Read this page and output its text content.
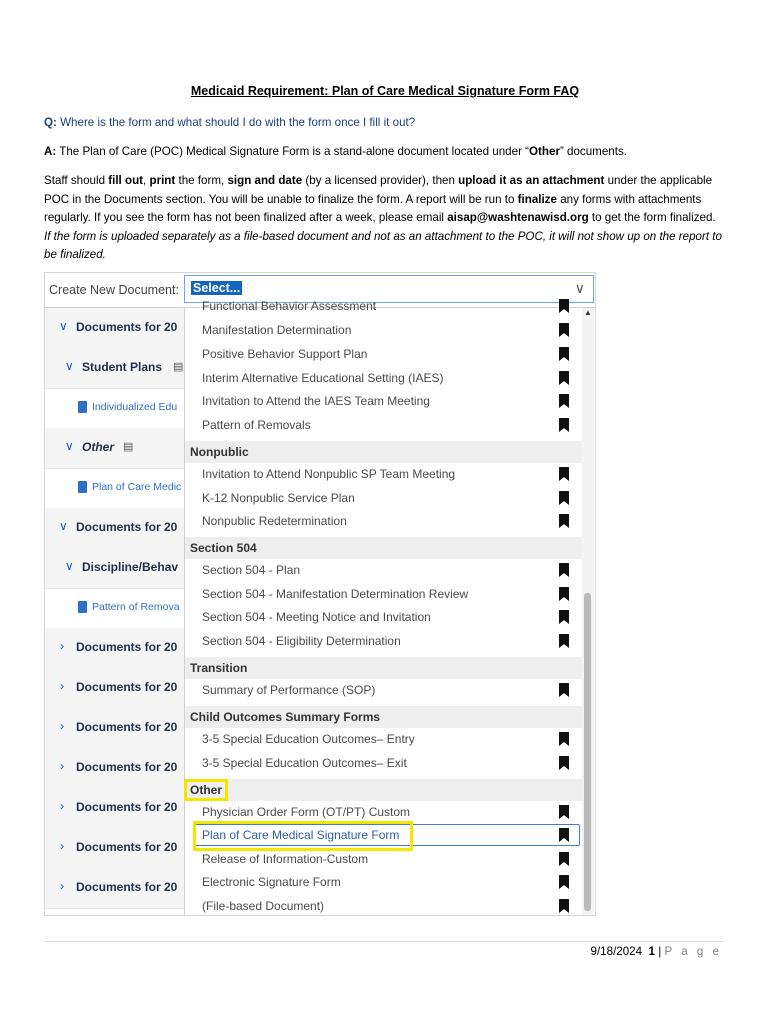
Medicaid Requirement: Plan of Care Medical Signature Form FAQ
Q: Where is the form and what should I do with the form once I fill it out?
A: The Plan of Care (POC) Medical Signature Form is a stand-alone document located under “Other” documents.
Staff should fill out, print the form, sign and date (by a licensed provider), then upload it as an attachment under the applicable POC in the Documents section. You will be unable to finalize the form. A report will be run to finalize any forms with attachments regularly. If you see the form has not been finalized after a week, please email aisap@washtenawisd.org to get the form finalized. If the form is uploaded separately as a file-based document and not as an attachment to the POC, it will not show up on the report to be finalized.
Create New Document: Select...	∨
∨ Documents for 20
∨ Student Plans ▤
Individualized Edu
∨ Other ▤
Plan of Care Medic
∨ Documents for 20
∨ Discipline/Behav
Pattern of Remova
› Documents for 20
› Documents for 20
› Documents for 20
› Documents for 20
› Documents for 20
› Documents for 20
› Documents for 20
Functional Behavior Assessment
Manifestation Determination
Positive Behavior Support Plan
Interim Alternative Educational Setting (IAES)
Invitation to Attend the IAES Team Meeting
Pattern of Removals
Nonpublic
Invitation to Attend Nonpublic SP Team Meeting
K-12 Nonpublic Service Plan
Nonpublic Redetermination
Section 504
Section 504 - Plan
Section 504 - Manifestation Determination Review
Section 504 - Meeting Notice and Invitation
Section 504 - Eligibility Determination
Transition
Summary of Performance (SOP)
Child Outcomes Summary Forms
3-5 Special Education Outcomes– Entry
3-5 Special Education Outcomes– Exit
Other
Physician Order Form (OT/PT) Custom
Plan of Care Medical Signature Form
Release of Information-Custom
Electronic Signature Form
(File-based Document)
▲
9/18/2024 1 | P a g e
